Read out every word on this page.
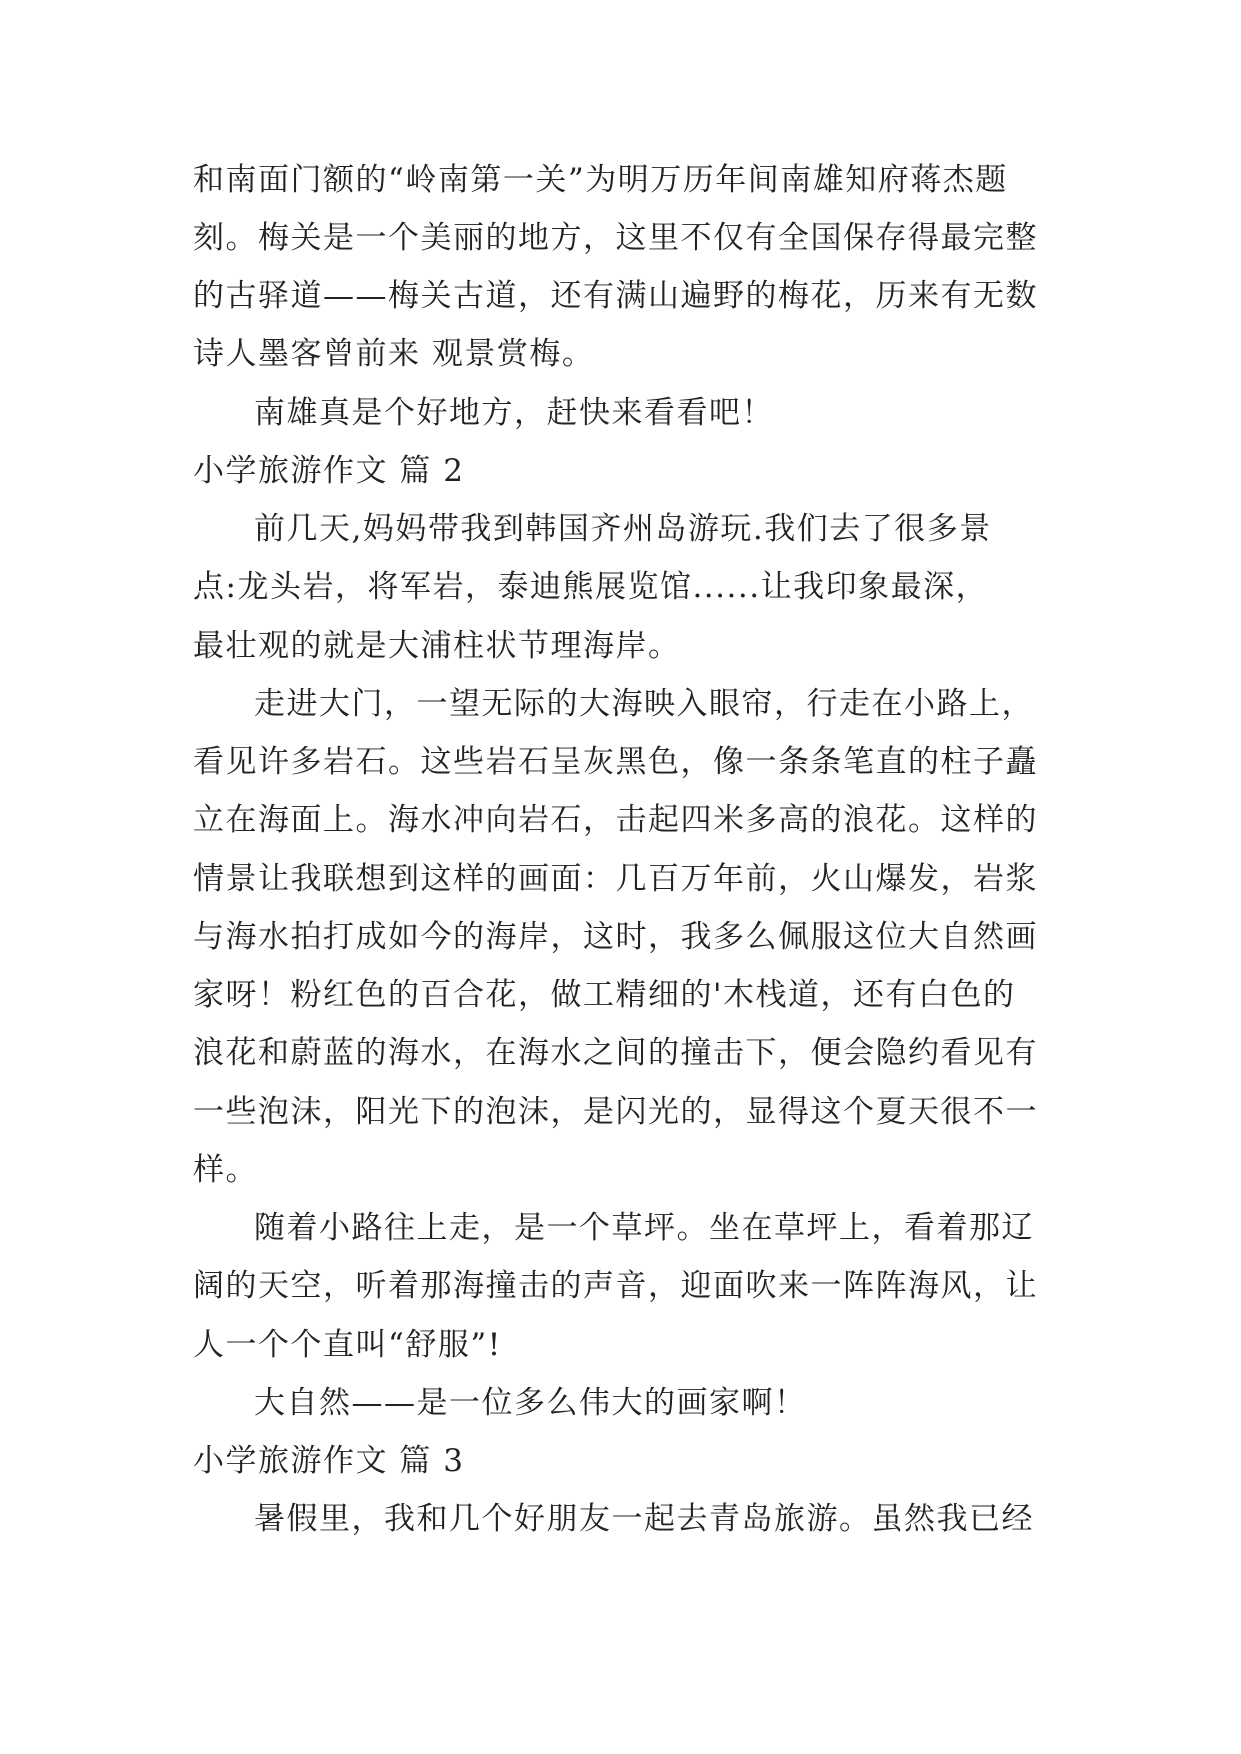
和南面门额的“岭南第一关”为明万历年间南雄知府蒋杰题
刻。梅关是一个美丽的地方，这里不仅有全国保存得最完整
的古驿道——梅关古道，还有满山遍野的梅花，历来有无数
诗人墨客曾前来 观景赏梅。
南雄真是个好地方，赶快来看看吧！
小学旅游作文 篇 2
前几天,妈妈带我到韩国齐州岛游玩.我们去了很多景
点:龙头岩，将军岩，泰迪熊展览馆......让我印象最深，
最壮观的就是大浦柱状节理海岸。
走进大门，一望无际的大海映入眼帘，行走在小路上，
看见许多岩石。这些岩石呈灰黑色，像一条条笔直的柱子矗
立在海面上。海水冲向岩石，击起四米多高的浪花。这样的
情景让我联想到这样的画面：几百万年前，火山爆发，岩浆
与海水拍打成如今的海岸，这时，我多么佩服这位大自然画
家呀！粉红色的百合花，做工精细的'木栈道，还有白色的
浪花和蔚蓝的海水，在海水之间的撞击下，便会隐约看见有
一些泡沫，阳光下的泡沫，是闪光的，显得这个夏天很不一
样。
随着小路往上走，是一个草坪。坐在草坪上，看着那辽
阔的天空，听着那海撞击的声音，迎面吹来一阵阵海风，让
人一个个直叫“舒服”!
大自然——是一位多么伟大的画家啊！
小学旅游作文 篇 3
暑假里，我和几个好朋友一起去青岛旅游。虽然我已经
